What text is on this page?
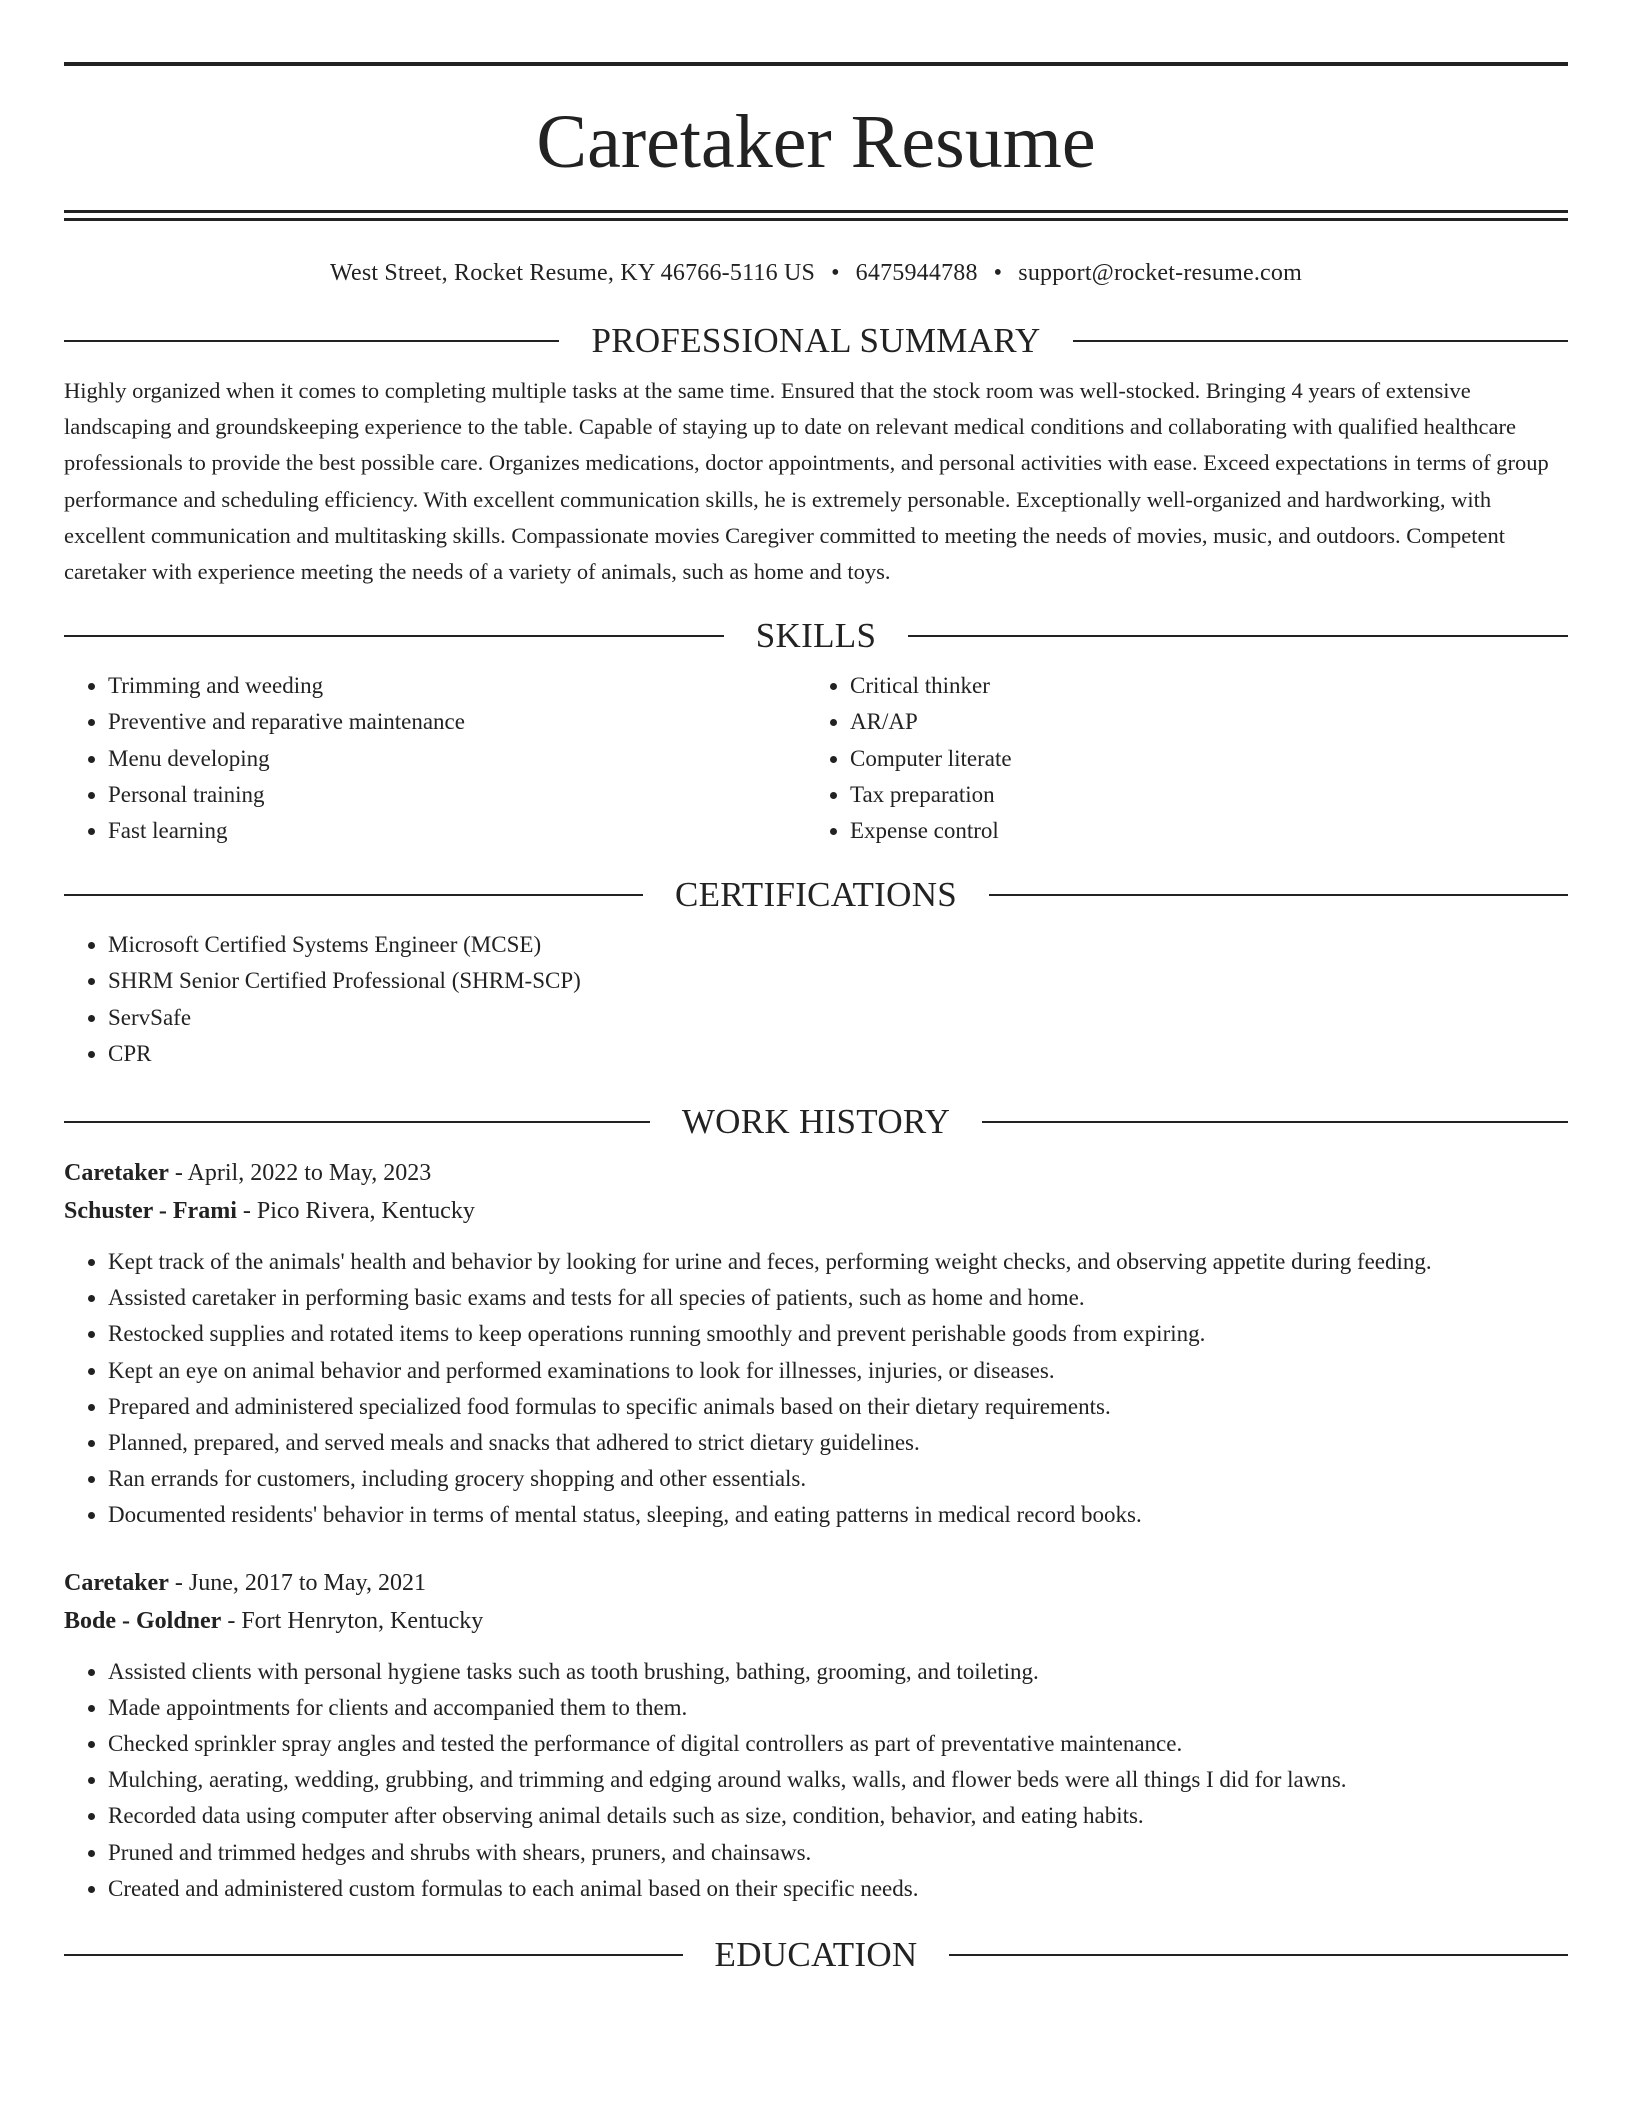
Caretaker Resume
West Street, Rocket Resume, KY 46766-5116 US • 6475944788 • support@rocket-resume.com
PROFESSIONAL SUMMARY

Highly organized when it comes to completing multiple tasks at the same time. Ensured that the stock room was well-stocked. Bringing 4 years of extensive landscaping and groundskeeping experience to the table. Capable of staying up to date on relevant medical conditions and collaborating with qualified healthcare professionals to provide the best possible care. Organizes medications, doctor appointments, and personal activities with ease. Exceed expectations in terms of group performance and scheduling efficiency. With excellent communication skills, he is extremely personable. Exceptionally well-organized and hardworking, with excellent communication and multitasking skills. Compassionate movies Caregiver committed to meeting the needs of movies, music, and outdoors. Competent caretaker with experience meeting the needs of a variety of animals, such as home and toys.

SKILLS
• Trimming and weeding
• Preventive and reparative maintenance
• Menu developing
• Personal training
• Fast learning
• Critical thinker
• AR/AP
• Computer literate
• Tax preparation
• Expense control
CERTIFICATIONS
• Microsoft Certified Systems Engineer (MCSE)
• SHRM Senior Certified Professional (SHRM-SCP)
• ServSafe
• CPR
WORK HISTORY
Caretaker - April, 2022 to May, 2023
Schuster - Frami - Pico Rivera, Kentucky
• Kept track of the animals' health and behavior by looking for urine and feces, performing weight checks, and observing appetite during feeding.
• Assisted caretaker in performing basic exams and tests for all species of patients, such as home and home.
• Restocked supplies and rotated items to keep operations running smoothly and prevent perishable goods from expiring.
• Kept an eye on animal behavior and performed examinations to look for illnesses, injuries, or diseases.
• Prepared and administered specialized food formulas to specific animals based on their dietary requirements.
• Planned, prepared, and served meals and snacks that adhered to strict dietary guidelines.
• Ran errands for customers, including grocery shopping and other essentials.
• Documented residents' behavior in terms of mental status, sleeping, and eating patterns in medical record books.
Caretaker - June, 2017 to May, 2021
Bode - Goldner - Fort Henryton, Kentucky
• Assisted clients with personal hygiene tasks such as tooth brushing, bathing, grooming, and toileting.
• Made appointments for clients and accompanied them to them.
• Checked sprinkler spray angles and tested the performance of digital controllers as part of preventative maintenance.
• Mulching, aerating, wedding, grubbing, and trimming and edging around walks, walls, and flower beds were all things I did for lawns.
• Recorded data using computer after observing animal details such as size, condition, behavior, and eating habits.
• Pruned and trimmed hedges and shrubs with shears, pruners, and chainsaws.
• Created and administered custom formulas to each animal based on their specific needs.
EDUCATION
